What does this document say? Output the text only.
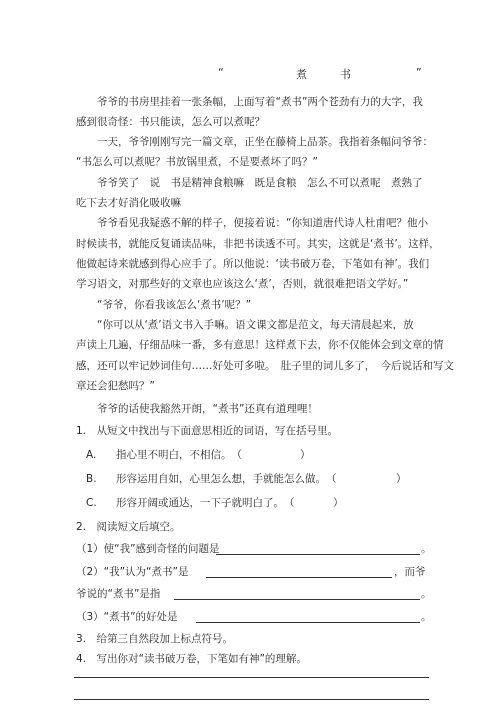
“	煮　　　书	”
爷爷的书房里挂着一张条幅，上面写着“煮书”两个苍劲有力的大字，我
感到很奇怪：书只能读，怎么可以煮呢？
一天，爷爷刚刚写完一篇文章，正坐在藤椅上品茶。我指着条幅问爷爷：
“书怎么可以煮呢？书放锅里煮，不是要煮坏了吗？”
爷爷笑了　说　书是精神食粮嘛　既是食粮　怎么不可以煮呢　煮熟了
吃下去才好消化吸收嘛
爷爷看见我疑惑不解的样子，便接着说：“你知道唐代诗人杜甫吧？他小
时候读书，就能反复诵读品味，非把书读透不可。其实，这就是‘煮书’。这样，
他做起诗来就感到得心应手了。所以他说：‘读书破万卷，下笔如有神’。我们
学习语文，对那些好的文章也应该这么‘煮’，否则，就很难把语文学好。”
“爷爷，你看我该怎么‘煮书’呢？”
“你可以从‘煮’语文书入手嘛。语文课文都是范文，每天清晨起来，放
声读上几遍，仔细品味一番，多有意思！这样煮下去，你不仅能体会到文章的情
感，还可以牢记妙词佳句……好处可多啦。　肚子里的词儿多了，　今后说话和写文
章还会犯愁吗？”
爷爷的话使我豁然开朗，“煮书”还真有道理哩！
1.　从短文中找出与下面意思相近的词语，写在括号里。
A. 指心里不明白，不相信。　（	）
B. 形容运用自如，心里怎么想，手就能怎么做。　（	）
C. 形容开阔或通达，一下子就明白了。　（	）
2.　阅读短文后填空。
（1）使“我”感到奇怪的问题是	。
（2）“我”认为“煮书”是	，而爷
爷说的“煮书”是指	。
（3）“煮书”的好处是	。
3.　给第三自然段加上标点符号。
4.　写出你对“读书破万卷，下笔如有神”的理解。
